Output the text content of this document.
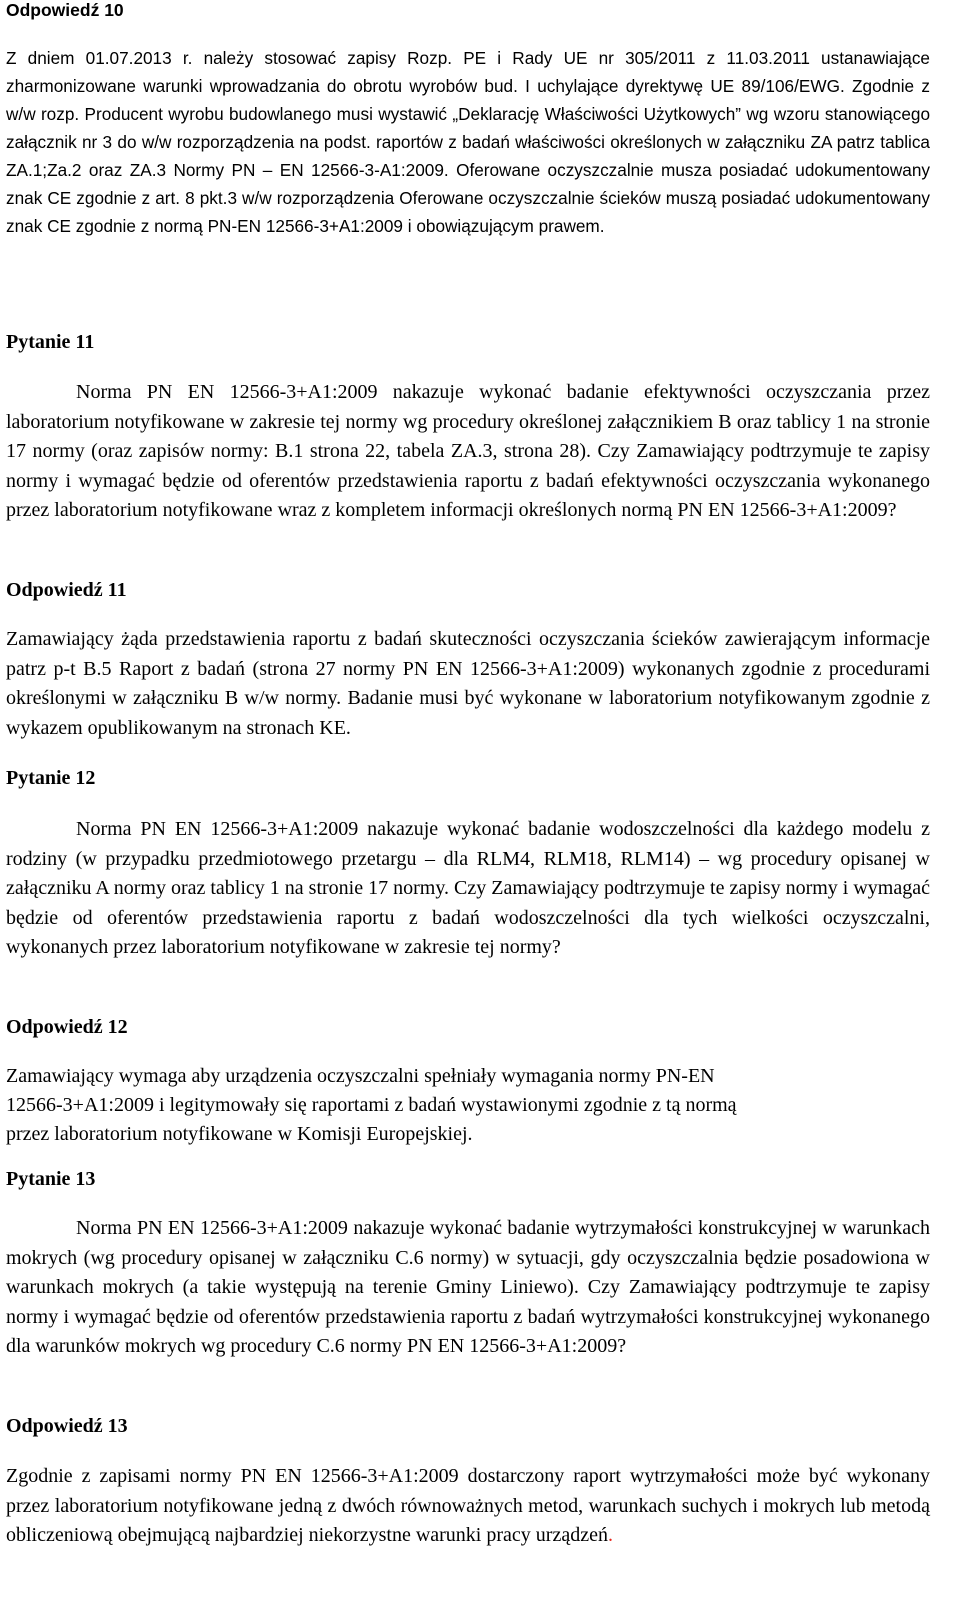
Odpowiedź 10

Z dniem 01.07.2013 r. należy stosować zapisy Rozp. PE i Rady UE nr 305/2011 z 11.03.2011 ustanawiające zharmonizowane warunki wprowadzania do obrotu wyrobów bud. I uchylające dyrektywę UE 89/106/EWG. Zgodnie z w/w rozp. Producent wyrobu budowlanego musi wystawić „Deklarację Właściwości Użytkowych” wg wzoru stanowiącego załącznik nr 3 do w/w rozporządzenia na podst. raportów z badań właściwości określonych w załączniku ZA patrz tablica ZA.1;Za.2 oraz ZA.3 Normy PN – EN 12566-3-A1:2009. Oferowane oczyszczalnie musza posiadać udokumentowany znak CE zgodnie z art. 8 pkt.3 w/w rozporządzenia Oferowane oczyszczalnie ścieków muszą posiadać udokumentowany znak CE zgodnie z normą PN-EN 12566-3+A1:2009 i obowiązującym prawem.

Pytanie 11

Norma PN EN 12566-3+A1:2009 nakazuje wykonać badanie efektywności oczyszczania przez laboratorium notyfikowane w zakresie tej normy wg procedury określonej załącznikiem B oraz tablicy 1 na stronie 17 normy (oraz zapisów normy: B.1 strona 22, tabela ZA.3, strona 28). Czy Zamawiający podtrzymuje te zapisy normy i wymagać będzie od oferentów przedstawienia raportu z badań efektywności oczyszczania wykonanego przez laboratorium notyfikowane wraz z kompletem informacji określonych normą PN EN 12566-3+A1:2009?

Odpowiedź 11

Zamawiający żąda przedstawienia raportu z badań skuteczności oczyszczania ścieków zawierającym informacje patrz p-t B.5 Raport z badań (strona 27 normy PN EN 12566-3+A1:2009) wykonanych zgodnie z procedurami określonymi w załączniku B w/w normy. Badanie musi być wykonane w laboratorium notyfikowanym zgodnie z wykazem opublikowanym na stronach KE.

Pytanie 12

Norma PN EN 12566-3+A1:2009 nakazuje wykonać badanie wodoszczelności dla każdego modelu z rodziny (w przypadku przedmiotowego przetargu – dla RLM4, RLM18, RLM14) – wg procedury opisanej w załączniku A normy oraz tablicy 1 na stronie 17 normy. Czy Zamawiający podtrzymuje te zapisy normy i wymagać będzie od oferentów przedstawienia raportu z badań wodoszczelności dla tych wielkości oczyszczalni, wykonanych przez laboratorium notyfikowane w zakresie tej normy?

Odpowiedź 12
Zamawiający wymaga aby urządzenia oczyszczalni spełniały wymagania normy PN-EN
12566-3+A1:2009 i legitymowały się raportami z badań wystawionymi zgodnie z tą normą
przez laboratorium notyfikowane w Komisji Europejskiej.
Pytanie 13

Norma PN EN 12566-3+A1:2009 nakazuje wykonać badanie wytrzymałości konstrukcyjnej w warunkach mokrych (wg procedury opisanej w załączniku C.6 normy) w sytuacji, gdy oczyszczalnia będzie posadowiona w warunkach mokrych (a takie występują na terenie Gminy Liniewo). Czy Zamawiający podtrzymuje te zapisy normy i wymagać będzie od oferentów przedstawienia raportu z badań wytrzymałości konstrukcyjnej wykonanego dla warunków mokrych wg procedury C.6 normy PN EN 12566-3+A1:2009?

Odpowiedź 13

Zgodnie z zapisami normy PN EN 12566-3+A1:2009 dostarczony raport wytrzymałości może być wykonany przez laboratorium notyfikowane jedną z dwóch równoważnych metod, warunkach suchych i mokrych lub metodą obliczeniową obejmującą najbardziej niekorzystne warunki pracy urządzeń.
